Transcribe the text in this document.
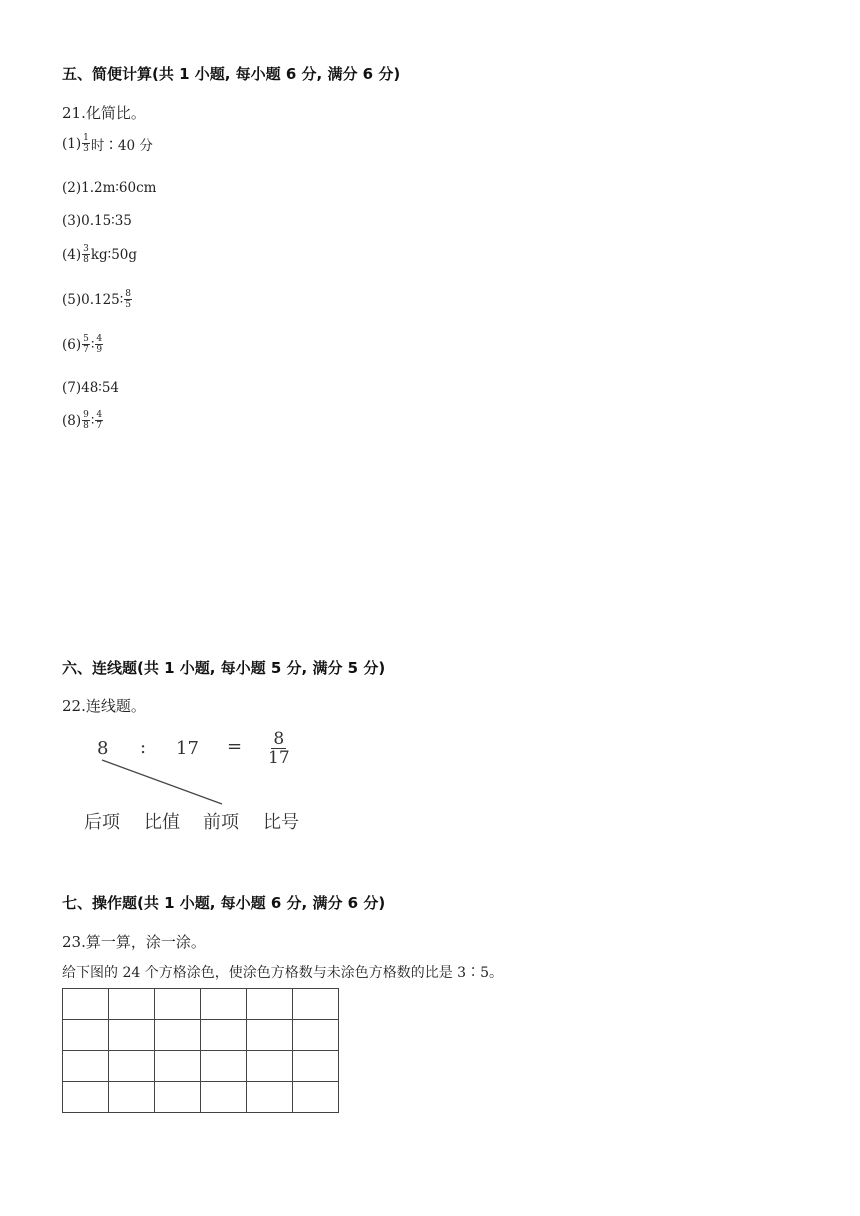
五、简便计算(共 1 小题, 每小题 6 分, 满分 6 分)
21.化简比。
$(1) \frac{1}{3}$ 时∶40 分
(2) 1.2m∶60cm
(3) 0.15∶35
$(4) \frac{3}{8}$ kg∶50g
(5) 0.125∶ $\frac{8}{5}$
$(6) \frac{5}{7}$ ∶ $\frac{4}{9}$
(7) 48∶54
$(8) \frac{9}{8}$ ∶ $\frac{4}{7}$
六、连线题(共 1 小题, 每小题 5 分, 满分 5 分)
22.连线题。
8 : $17 = \frac{8}{17}$
后项 比值 前项 比号
七、操作题(共 1 小题, 每小题 6 分, 满分 6 分)
23.算一算，涂一涂。
给下图的 24 个方格涂色，使涂色方格数与未涂色方格数的比是 3∶5。
